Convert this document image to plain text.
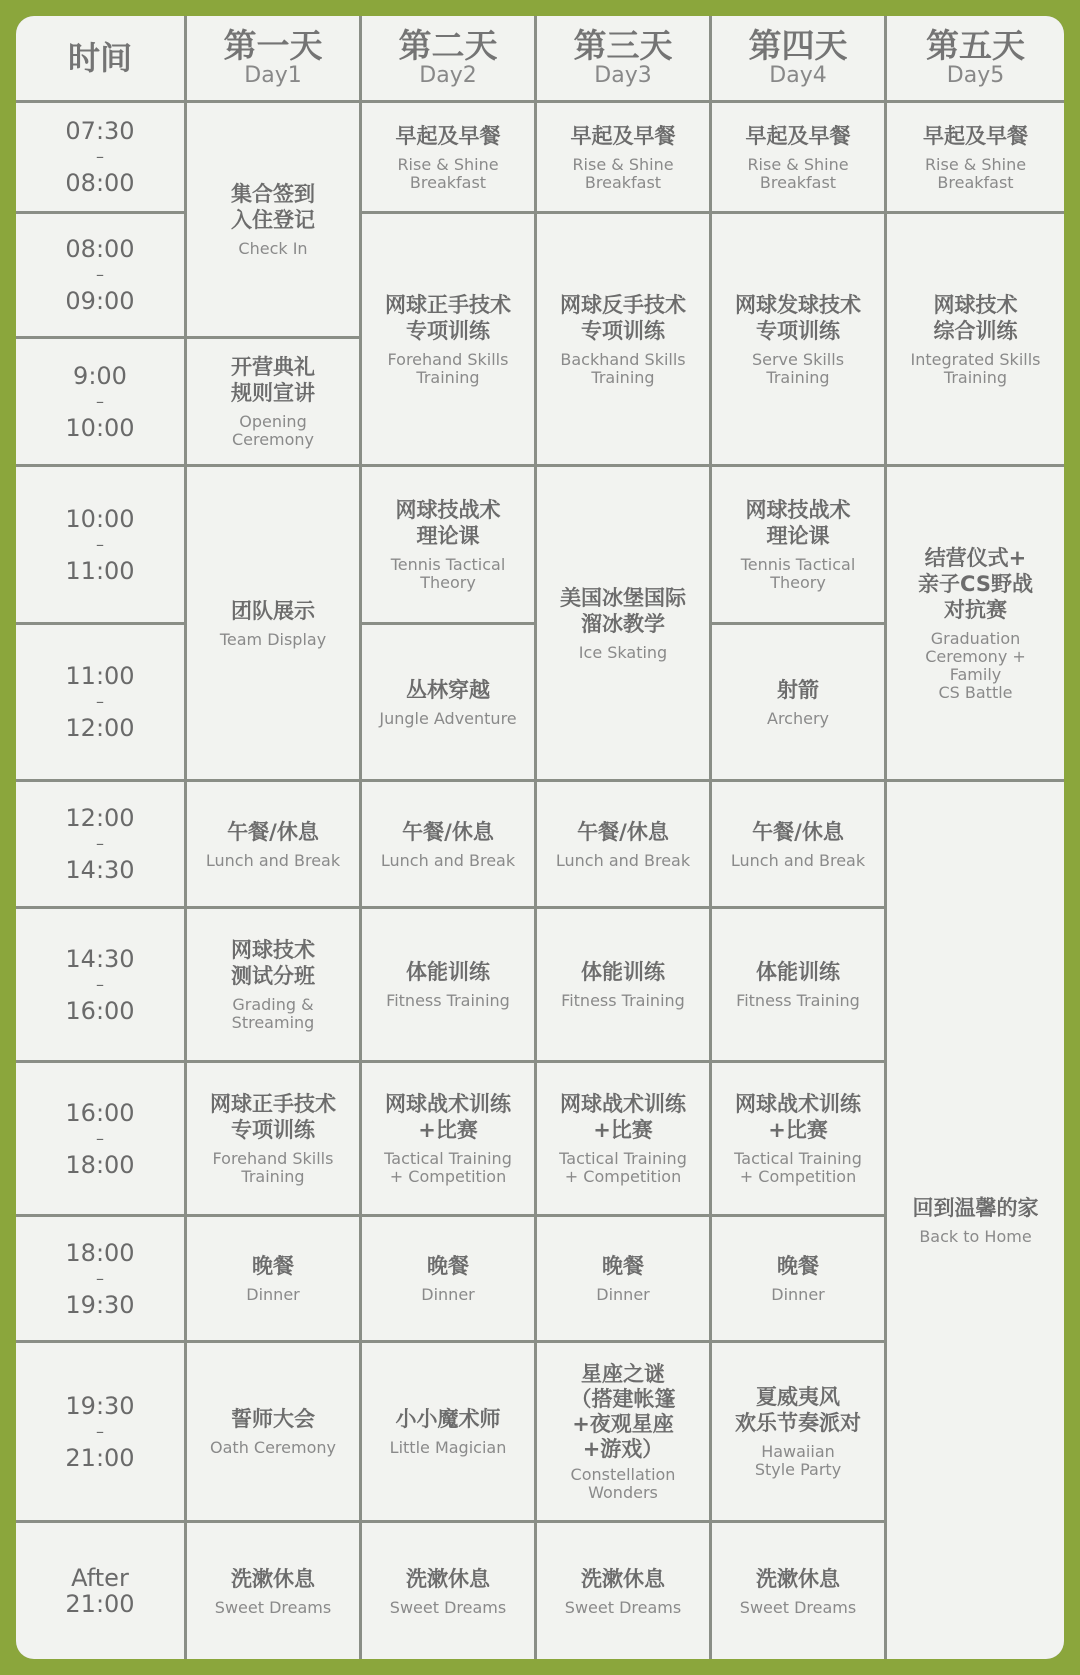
时间	第一天
Day1
第二天
Day2
第三天
Day3
第四天
Day4
第五天
Day5
07:30
–
08:00
08:00
–
09:00
9:00
–
10:00
10:00
–
11:00
11:00
–
12:00
12:00
–
14:30
14:30
–
16:00
16:00
–
18:00
18:00
–
19:30
19:30
–
21:00
After
21:00
集合签到
入住登记
Check In
开营典礼
规则宣讲
Opening
Ceremony
团队展示
Team Display
午餐/休息
Lunch and Break
网球技术
测试分班
Grading &
Streaming
网球正手技术
专项训练
Forehand Skills
Training
晚餐
Dinner
誓师大会
Oath Ceremony
洗漱休息
Sweet Dreams
早起及早餐
Rise & Shine
Breakfast
网球正手技术
专项训练
Forehand Skills
Training
网球技战术
理论课
Tennis Tactical
Theory
丛林穿越
Jungle Adventure
午餐/休息
Lunch and Break
体能训练
Fitness Training
网球战术训练
+比赛
Tactical Training
+ Competition
晚餐
Dinner
小小魔术师
Little Magician
洗漱休息
Sweet Dreams
早起及早餐
Rise & Shine
Breakfast
网球反手技术
专项训练
Backhand Skills
Training
美国冰堡国际
溜冰教学
Ice Skating
午餐/休息
Lunch and Break
体能训练
Fitness Training
网球战术训练
+比赛
Tactical Training
+ Competition
晚餐
Dinner
星座之谜
（搭建帐篷
+夜观星座
+游戏）
Constellation
Wonders
洗漱休息
Sweet Dreams
早起及早餐
Rise & Shine
Breakfast
网球发球技术
专项训练
Serve Skills
Training
网球技战术
理论课
Tennis Tactical
Theory
射箭
Archery
午餐/休息
Lunch and Break
体能训练
Fitness Training
网球战术训练
+比赛
Tactical Training
+ Competition
晚餐
Dinner
夏威夷风
欢乐节奏派对
Hawaiian
Style Party
洗漱休息
Sweet Dreams
早起及早餐
Rise & Shine
Breakfast
网球技术
综合训练
Integrated Skills
Training
结营仪式+
亲子CS野战
对抗赛
Graduation
Ceremony +
Family
CS Battle
回到温馨的家
Back to Home
